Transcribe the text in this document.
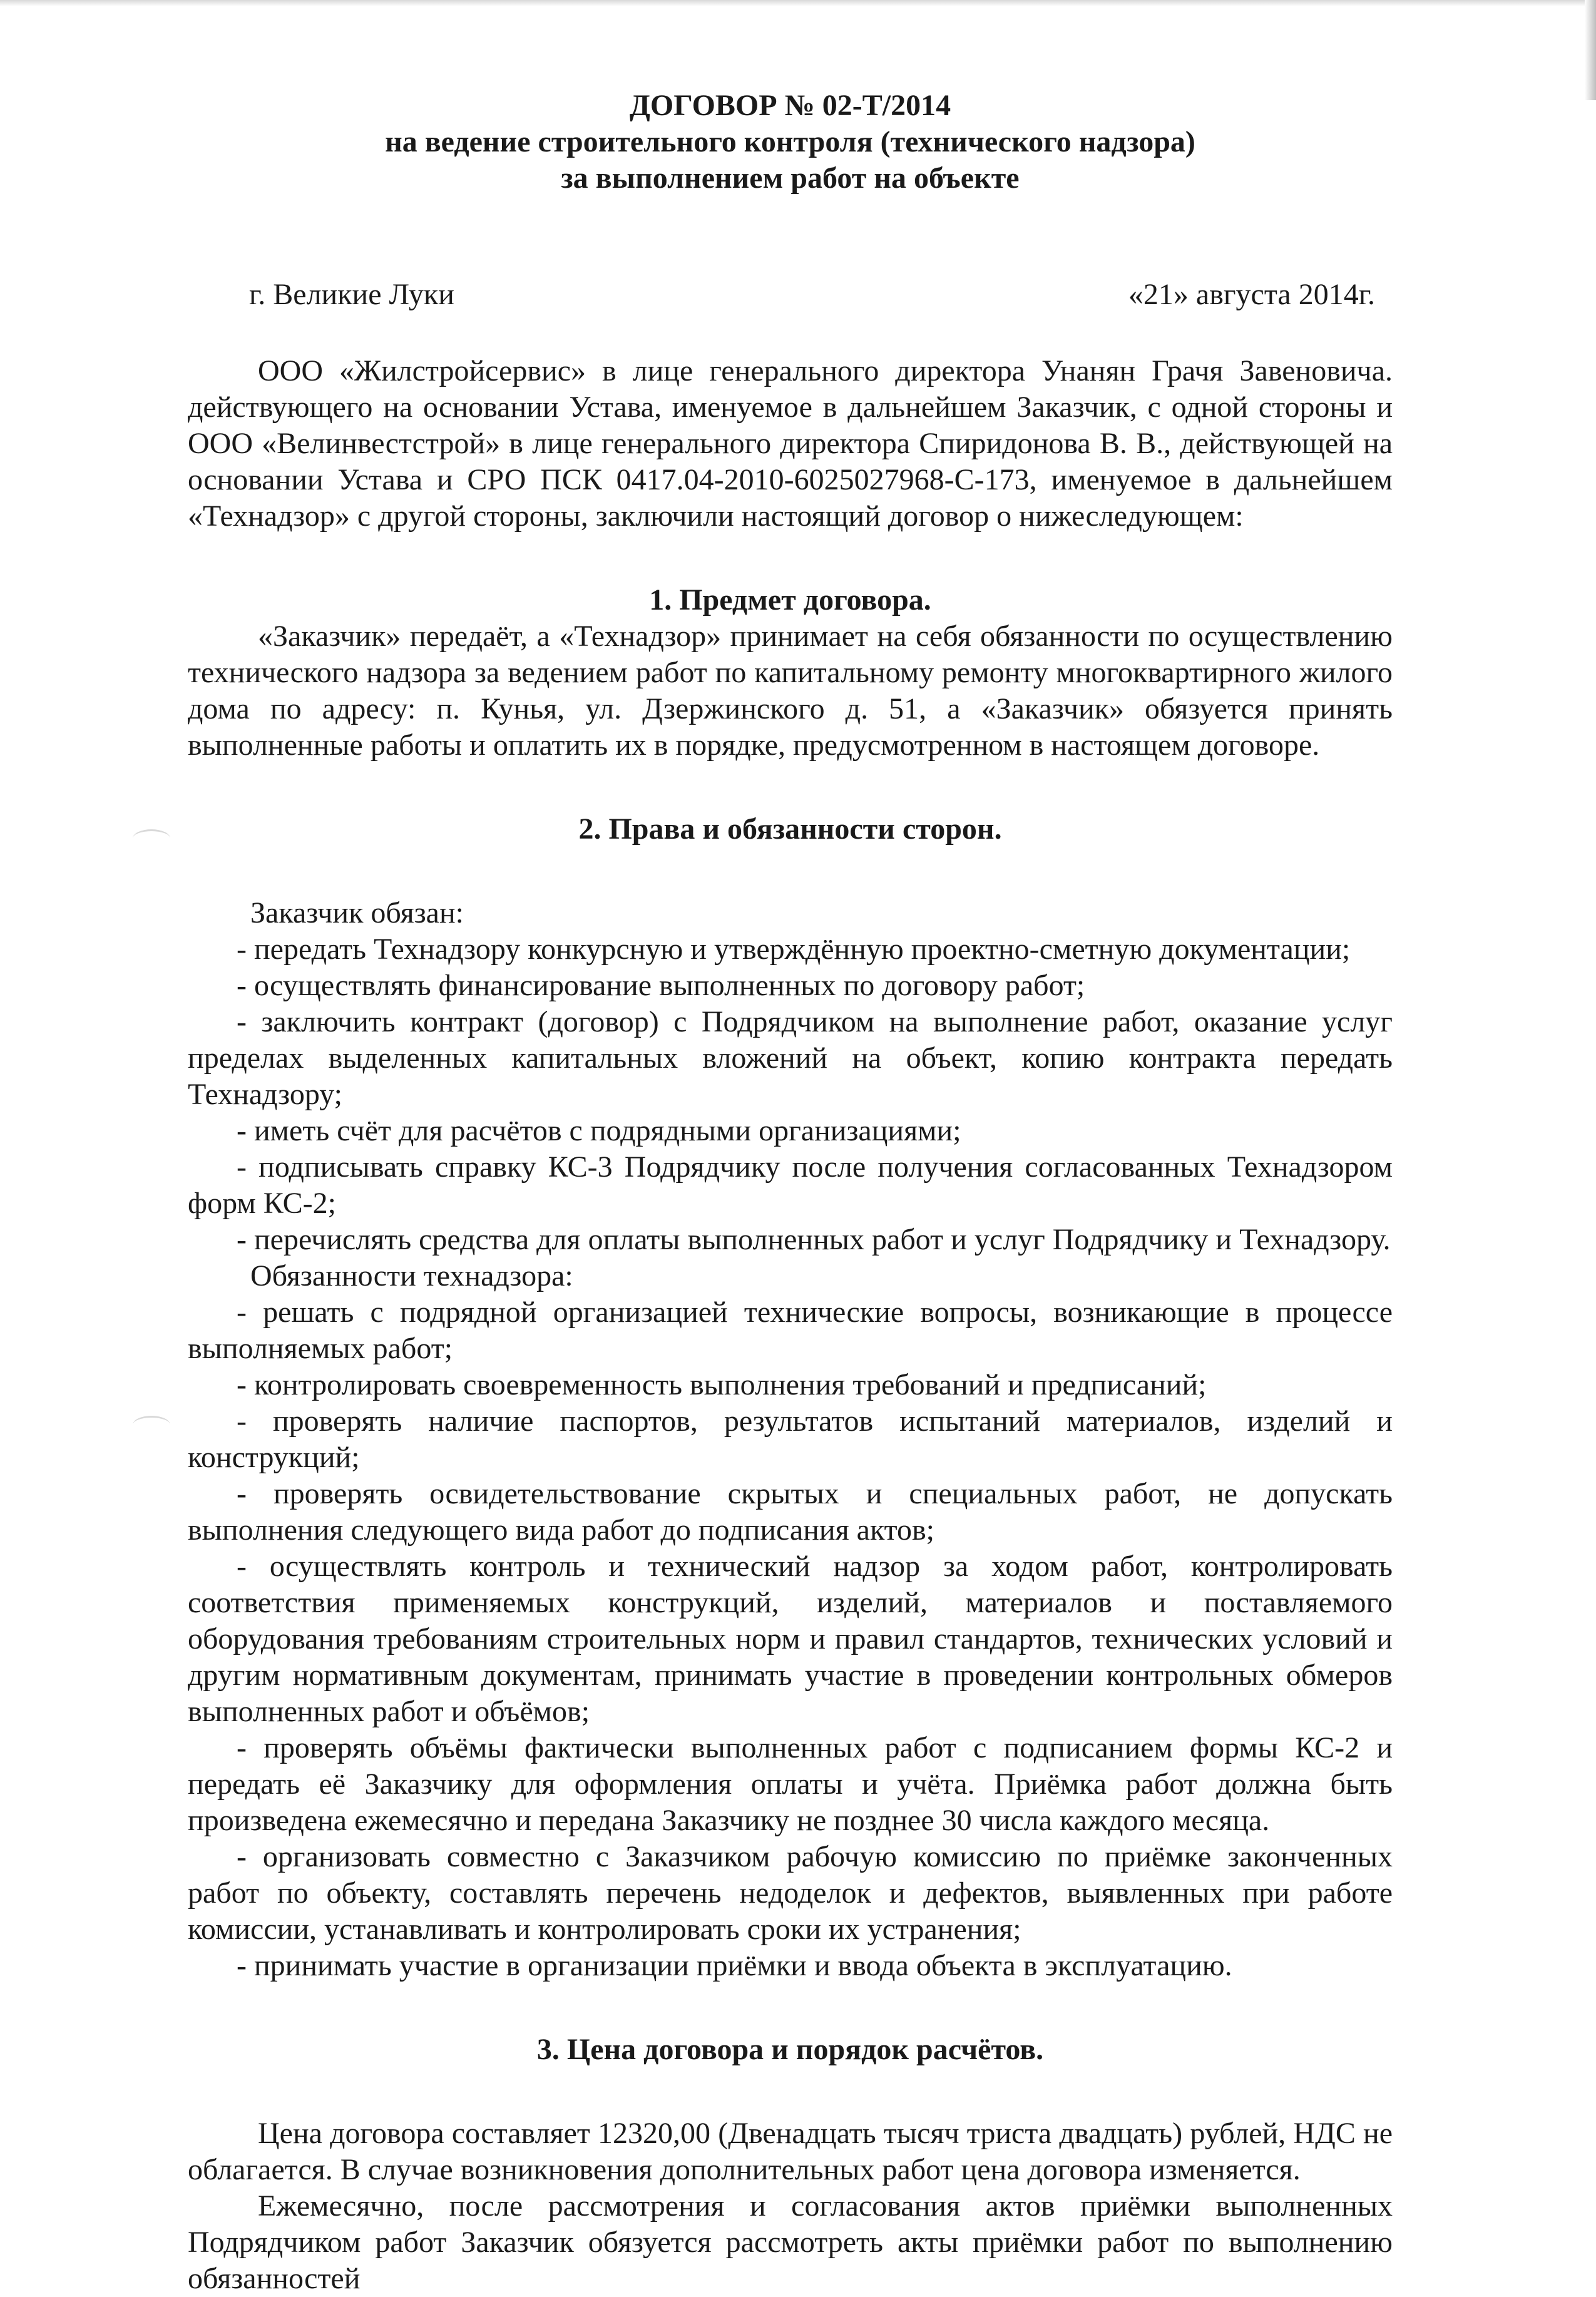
ДОГОВОР № 02-Т/2014

на ведение строительного контроля (технического надзора)

за выполнением работ на объекте

г. Великие Луки	«21» августа 2014г.

ООО «Жилстройсервис» в лице генерального директора Унанян Грачя Завеновича. действующего на основании Устава, именуемое в дальнейшем Заказчик, с одной стороны и ООО «Велинвестстрой» в лице генерального директора Спиридонова В. В., действующей на основании Устава и СРО ПСК 0417.04-2010-6025027968-С-173, именуемое в дальнейшем «Технадзор» с другой стороны, заключили настоящий договор о нижеследующем:

1. Предмет договора.

«Заказчик» передаёт, а «Технадзор» принимает на себя обязанности по осуществлению технического надзора за ведением работ по капитальному ремонту многоквартирного жилого дома по адресу: п. Кунья, ул. Дзержинского д. 51, а «Заказчик» обязуется принять выполненные работы и оплатить их в порядке, предусмотренном в настоящем договоре.

2. Права и обязанности сторон.

Заказчик обязан:

- передать Технадзору конкурсную и утверждённую проектно-сметную документации;

- осуществлять финансирование выполненных по договору работ;

- заключить контракт (договор) с Подрядчиком на выполнение работ, оказание услуг пределах выделенных капитальных вложений на объект, копию контракта передать Технадзору;

- иметь счёт для расчётов с подрядными организациями;

- подписывать справку КС-3 Подрядчику после получения согласованных Технадзором форм КС-2;

- перечислять средства для оплаты выполненных работ и услуг Подрядчику и Технадзору.

Обязанности технадзора:

- решать с подрядной организацией технические вопросы, возникающие в процессе выполняемых работ;

- контролировать своевременность выполнения требований и предписаний;

- проверять наличие паспортов, результатов испытаний материалов, изделий и конструкций;

- проверять освидетельствование скрытых и специальных работ, не допускать выполнения следующего вида работ до подписания актов;

- осуществлять контроль и технический надзор за ходом работ, контролировать соответствия применяемых конструкций, изделий, материалов и поставляемого оборудования требованиям строительных норм и правил стандартов, технических условий и другим нормативным документам, принимать участие в проведении контрольных обмеров выполненных работ и объёмов;

- проверять объёмы фактически выполненных работ с подписанием формы КС-2 и передать её Заказчику для оформления оплаты и учёта. Приёмка работ должна быть произведена ежемесячно и передана Заказчику не позднее 30 числа каждого месяца.

- организовать совместно с Заказчиком рабочую комиссию по приёмке законченных работ по объекту, составлять перечень недоделок и дефектов, выявленных при работе комиссии, устанавливать и контролировать сроки их устранения;

- принимать участие в организации приёмки и ввода объекта в эксплуатацию.

3. Цена договора и порядок расчётов.

Цена договора составляет 12320,00 (Двенадцать тысяч триста двадцать) рублей, НДС не облагается. В случае возникновения дополнительных работ цена договора изменяется.

Ежемесячно, после рассмотрения и согласования актов приёмки выполненных Подрядчиком работ Заказчик обязуется рассмотреть акты приёмки работ по выполнению обязанностей
